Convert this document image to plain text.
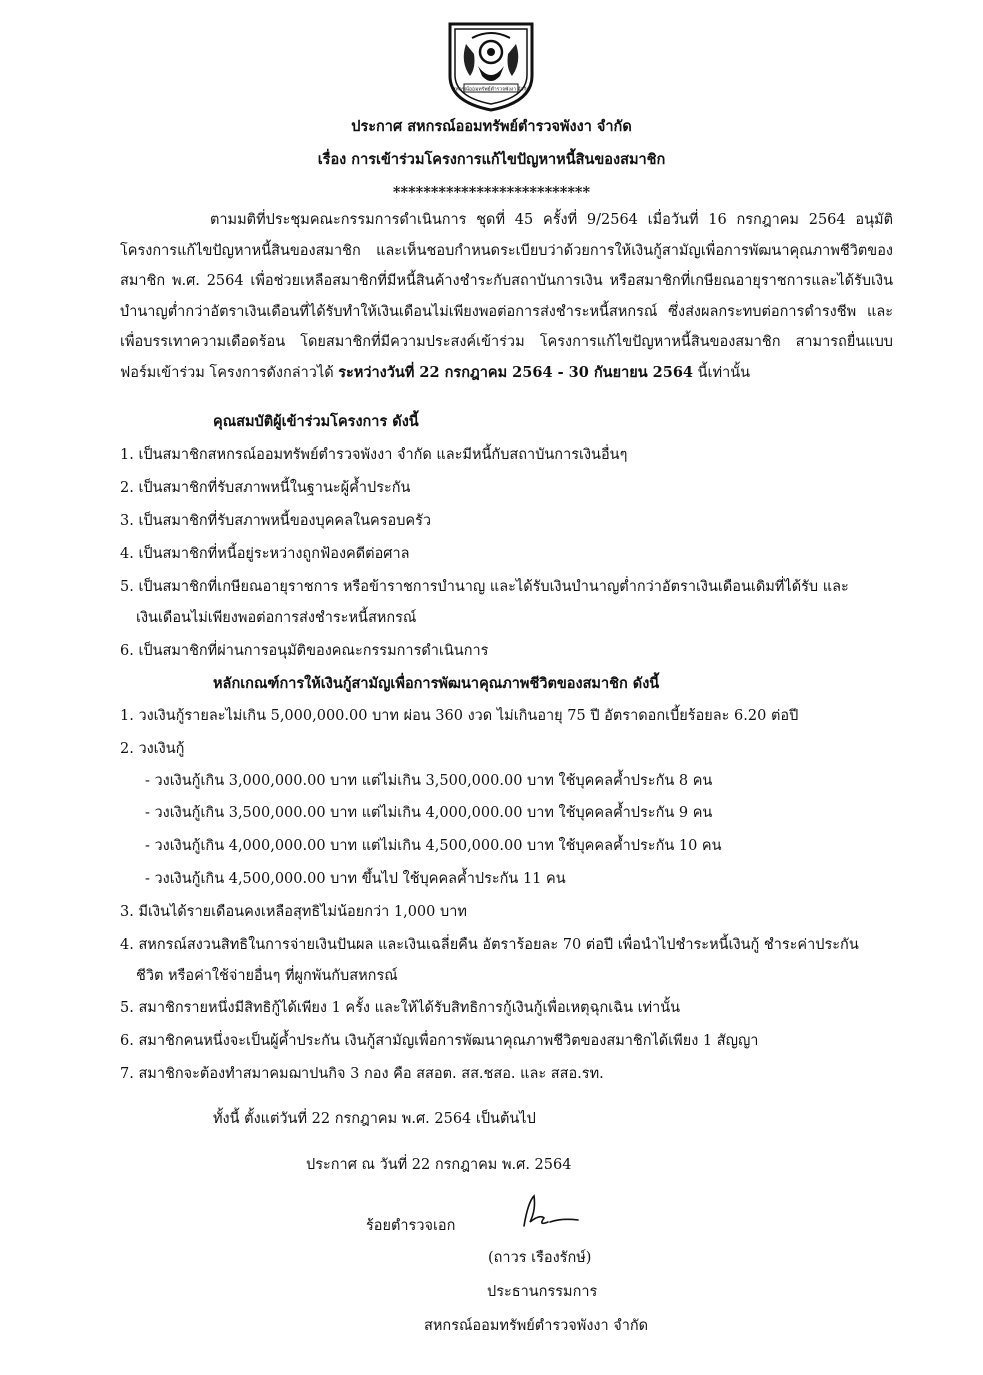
สหกรณ์ออมทรัพย์ตำรวจพังงา จำกัด
ประกาศ สหกรณ์ออมทรัพย์ตำรวจพังงา จำกัด
เรื่อง การเข้าร่วมโครงการแก้ไขปัญหาหนี้สินของสมาชิก
**************************
ตามมติที่ประชุมคณะกรรมการดำเนินการ ชุดที่ 45 ครั้งที่ 9/2564 เมื่อวันที่ 16 กรกฎาคม 2564 อนุมัติโครงการแก้ไขปัญหาหนี้สินของสมาชิก และเห็นชอบกำหนดระเบียบว่าด้วยการให้เงินกู้สามัญเพื่อการพัฒนาคุณภาพชีวิตของสมาชิก พ.ศ. 2564 เพื่อช่วยเหลือสมาชิกที่มีหนี้สินค้างชำระกับสถาบันการเงิน หรือสมาชิกที่เกษียณอายุราชการและได้รับเงินบำนาญต่ำกว่าอัตราเงินเดือนที่ได้รับทำให้เงินเดือนไม่เพียงพอต่อการส่งชำระหนี้สหกรณ์ ซึ่งส่งผลกระทบต่อการดำรงชีพ และเพื่อบรรเทาความเดือดร้อน โดยสมาชิกที่มีความประสงค์เข้าร่วม โครงการแก้ไขปัญหาหนี้สินของสมาชิก สามารถยื่นแบบฟอร์มเข้าร่วม โครงการดังกล่าวได้ ระหว่างวันที่ 22 กรกฎาคม 2564 - 30 กันยายน 2564 นี้เท่านั้น
คุณสมบัติผู้เข้าร่วมโครงการ ดังนี้
1. เป็นสมาชิกสหกรณ์ออมทรัพย์ตำรวจพังงา จำกัด และมีหนี้กับสถาบันการเงินอื่นๆ
2. เป็นสมาชิกที่รับสภาพหนี้ในฐานะผู้ค้ำประกัน
3. เป็นสมาชิกที่รับสภาพหนี้ของบุคคลในครอบครัว
4. เป็นสมาชิกที่หนี้อยู่ระหว่างถูกฟ้องคดีต่อศาล
5. เป็นสมาชิกที่เกษียณอายุราชการ หรือข้าราชการบำนาญ และได้รับเงินบำนาญต่ำกว่าอัตราเงินเดือนเดิมที่ได้รับ และ
เงินเดือนไม่เพียงพอต่อการส่งชำระหนี้สหกรณ์
6. เป็นสมาชิกที่ผ่านการอนุมัติของคณะกรรมการดำเนินการ
หลักเกณฑ์การให้เงินกู้สามัญเพื่อการพัฒนาคุณภาพชีวิตของสมาชิก ดังนี้
1. วงเงินกู้รายละไม่เกิน 5,000,000.00 บาท ผ่อน 360 งวด ไม่เกินอายุ 75 ปี อัตราดอกเบี้ยร้อยละ 6.20 ต่อปี
2. วงเงินกู้
- วงเงินกู้เกิน 3,000,000.00 บาท แต่ไม่เกิน 3,500,000.00 บาท ใช้บุคคลค้ำประกัน 8 คน
- วงเงินกู้เกิน 3,500,000.00 บาท แต่ไม่เกิน 4,000,000.00 บาท ใช้บุคคลค้ำประกัน 9 คน
- วงเงินกู้เกิน 4,000,000.00 บาท แต่ไม่เกิน 4,500,000.00 บาท ใช้บุคคลค้ำประกัน 10 คน
- วงเงินกู้เกิน 4,500,000.00 บาท ขึ้นไป ใช้บุคคลค้ำประกัน 11 คน
3. มีเงินได้รายเดือนคงเหลือสุทธิไม่น้อยกว่า 1,000 บาท
4. สหกรณ์สงวนสิทธิในการจ่ายเงินปันผล และเงินเฉลี่ยคืน อัตราร้อยละ 70 ต่อปี เพื่อนำไปชำระหนี้เงินกู้ ชำระค่าประกัน
ชีวิต หรือค่าใช้จ่ายอื่นๆ ที่ผูกพันกับสหกรณ์
5. สมาชิกรายหนึ่งมีสิทธิกู้ได้เพียง 1 ครั้ง และให้ได้รับสิทธิการกู้เงินกู้เพื่อเหตุฉุกเฉิน เท่านั้น
6. สมาชิกคนหนึ่งจะเป็นผู้ค้ำประกัน เงินกู้สามัญเพื่อการพัฒนาคุณภาพชีวิตของสมาชิกได้เพียง 1 สัญญา
7. สมาชิกจะต้องทำสมาคมฌาปนกิจ 3 กอง คือ สสอต. สส.ชสอ. และ สสอ.รท.
ทั้งนี้ ตั้งแต่วันที่ 22 กรกฎาคม พ.ศ. 2564 เป็นต้นไป
ประกาศ ณ วันที่ 22 กรกฎาคม พ.ศ. 2564
ร้อยตำรวจเอก
(ถาวร เรืองรักษ์)
ประธานกรรมการ
สหกรณ์ออมทรัพย์ตำรวจพังงา จำกัด
